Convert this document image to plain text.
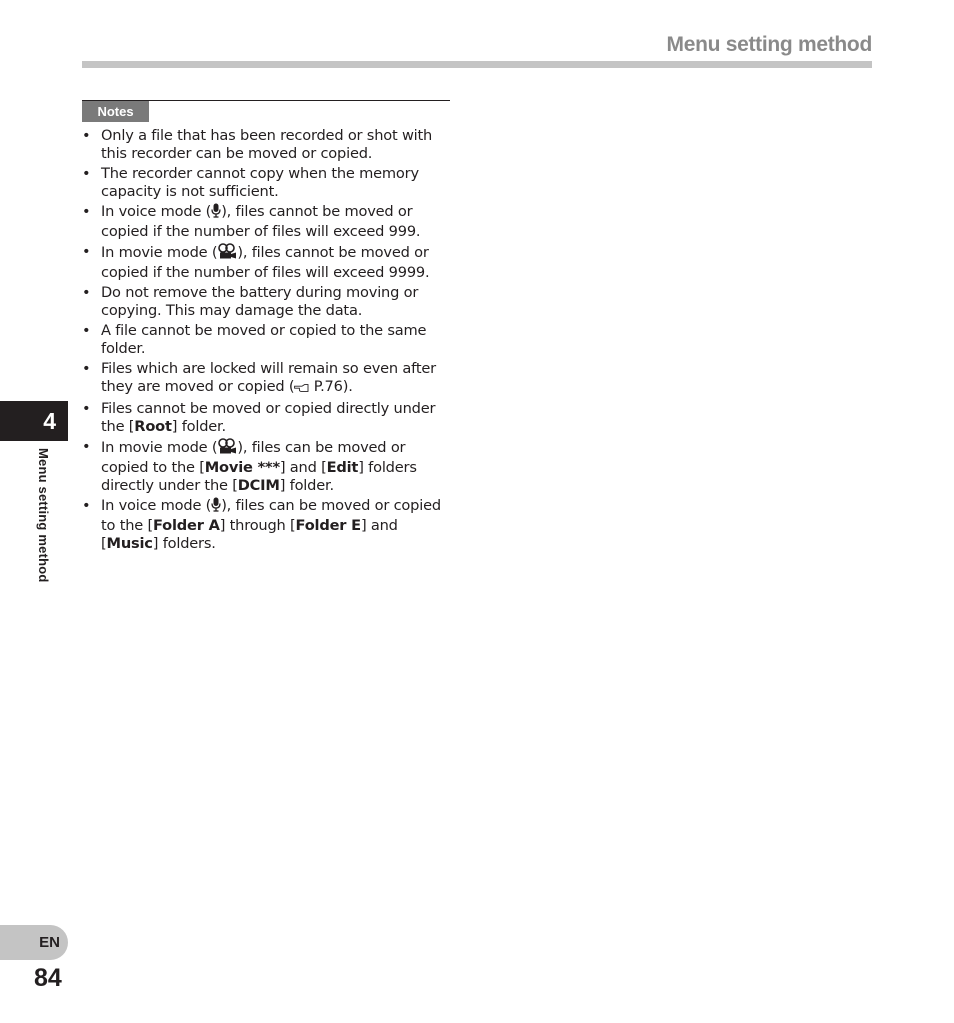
Menu setting method
Notes
• Only a file that has been recorded or shot with this recorder can be moved or copied.
• The recorder cannot copy when the memory capacity is not sufficient.
• In voice mode ( ), files cannot be moved or copied if the number of files will exceed 999.
• In movie mode ( ), files cannot be moved or copied if the number of files will exceed 9999.
• Do not remove the battery during moving or copying. This may damage the data.
• A file cannot be moved or copied to the same folder.
• Files which are locked will remain so even after they are moved or copied ( P.76).
• Files cannot be moved or copied directly under the [Root] folder.
• In movie mode ( ), files can be moved or copied to the [Movie ***] and [Edit] folders directly under the [DCIM] folder.
• In voice mode ( ), files can be moved or copied to the [Folder A] through [Folder E] and [Music] folders.
4
Menu setting method
EN
84
